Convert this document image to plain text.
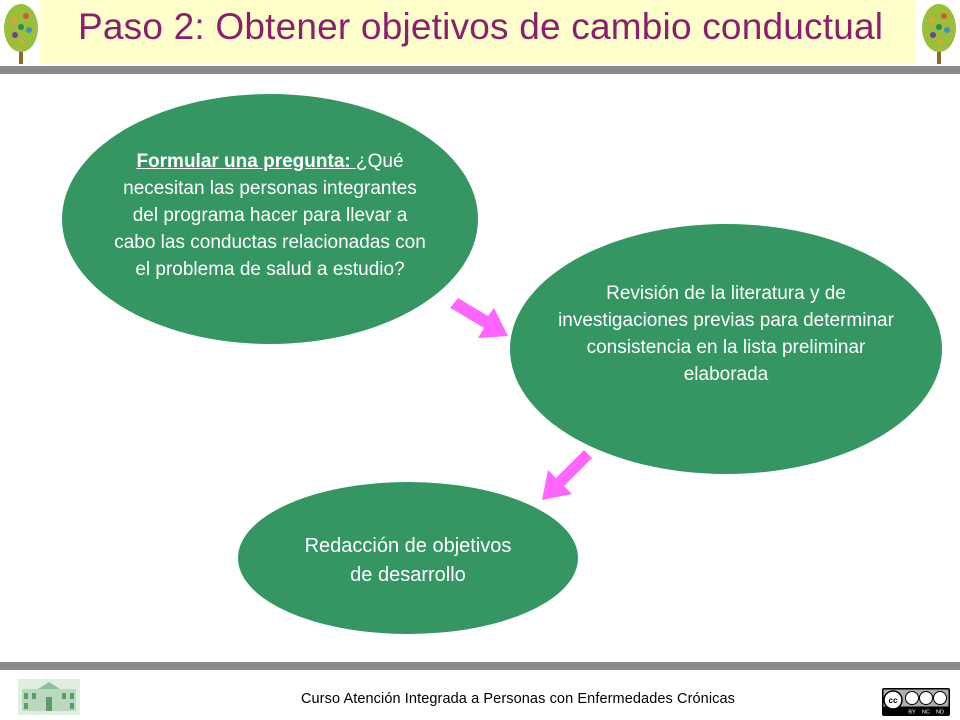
Paso 2: Obtener objetivos de cambio conductual
Formular una pregunta: ¿Qué
necesitan las personas integrantes
del programa hacer para llevar a
cabo las conductas relacionadas con
el problema de salud a estudio?
Revisión de la literatura y de
investigaciones previas para determinar
consistencia en la lista preliminar
elaborada
Redacción de objetivos
de desarrollo
Curso Atención Integrada a Personas con Enfermedades Crónicas	cc
BY NC ND
